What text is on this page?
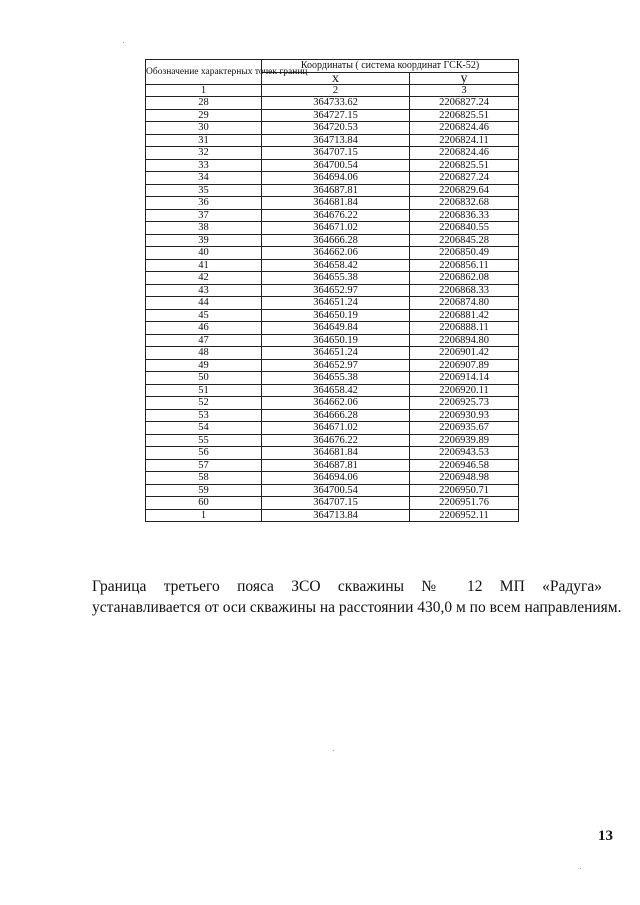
Обозначение характерных точек границ	Координаты ( система координат ГСК-52)	
	x	у
1	2	3
28	364733.62	2206827.24
29	364727.15	2206825.51
30	364720.53	2206824.46
31	364713.84	2206824.11
32	364707.15	2206824.46
33	364700.54	2206825.51
34	364694.06	2206827.24
35	364687.81	2206829.64
36	364681.84	2206832.68
37	364676.22	2206836.33
38	364671.02	2206840.55
39	364666.28	2206845.28
40	364662.06	2206850.49
41	364658.42	2206856.11
42	364655.38	2206862.08
43	364652.97	2206868.33
44	364651.24	2206874.80
45	364650.19	2206881.42
46	364649.84	2206888.11
47	364650.19	2206894.80
48	364651.24	2206901.42
49	364652.97	2206907.89
50	364655.38	2206914.14
51	364658.42	2206920.11
52	364662.06	2206925.73
53	364666.28	2206930.93
54	364671.02	2206935.67
55	364676.22	2206939.89
56	364681.84	2206943.53
57	364687.81	2206946.58
58	364694.06	2206948.98
59	364700.54	2206950.71
60	364707.15	2206951.76
1	364713.84	2206952.11

Граница третьего пояса ЗСО скважины № 12 МП «Радуга»
устанавливается от оси скважины на расстоянии 430,0 м по всем направлениям.

13
